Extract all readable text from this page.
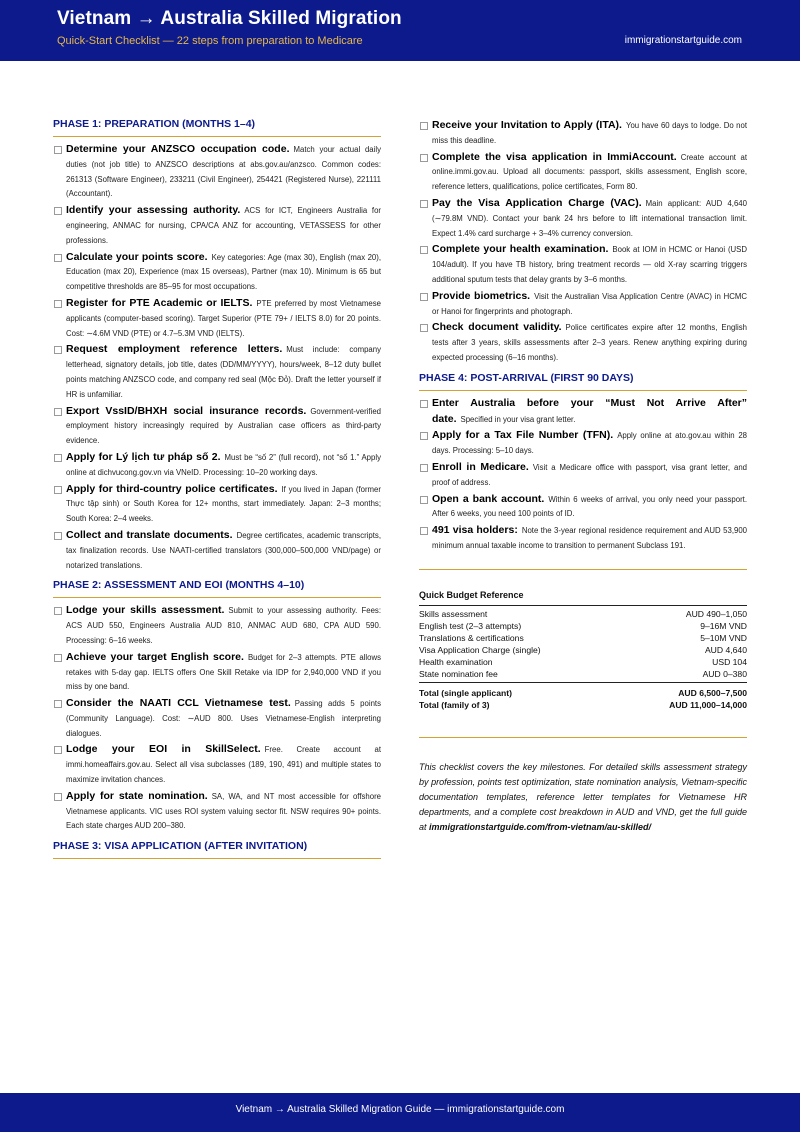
Vietnam → Australia Skilled Migration
Quick-Start Checklist — 22 steps from preparation to Medicare	immigrationstartguide.com
PHASE 1: PREPARATION (MONTHS 1–4)
Determine your ANZSCO occupation code. Match your actual daily duties (not job title) to ANZSCO descriptions at abs.gov.au/anzsco. Common codes: 261313 (Software Engineer), 233211 (Civil Engineer), 254421 (Registered Nurse), 221111 (Accountant).
Identify your assessing authority. ACS for ICT, Engineers Australia for engineering, ANMAC for nursing, CPA/CA ANZ for accounting, VETASSESS for other professions.
Calculate your points score. Key categories: Age (max 30), English (max 20), Education (max 20), Experience (max 15 overseas), Partner (max 10). Minimum is 65 but competitive thresholds are 85–95 for most occupations.
Register for PTE Academic or IELTS. PTE preferred by most Vietnamese applicants (computer-based scoring). Target Superior (PTE 79+ / IELTS 8.0) for 20 points. Cost: ∼4.6M VND (PTE) or 4.7–5.3M VND (IELTS).
Request employment reference letters. Must include: company letterhead, signatory details, job title, dates (DD/MM/YYYY), hours/week, 8–12 duty bullet points matching ANZSCO code, and company red seal (Mộc Đỏ). Draft the letter yourself if HR is unfamiliar.
Export VssID/BHXH social insurance records. Government-verified employment history increasingly required by Australian case officers as third-party evidence.
Apply for Lý lịch tư pháp số 2. Must be “số 2” (full record), not “số 1.” Apply online at dichvucong.gov.vn via VNeID. Processing: 10–20 working days.
Apply for third-country police certificates. If you lived in Japan (former Thực tập sinh) or South Korea for 12+ months, start immediately. Japan: 2–3 months; South Korea: 2–4 weeks.
Collect and translate documents. Degree certificates, academic transcripts, tax finalization records. Use NAATI-certified translators (300,000–500,000 VND/page) or notarized translations.
PHASE 2: ASSESSMENT AND EOI (MONTHS 4–10)
Lodge your skills assessment. Submit to your assessing authority. Fees: ACS AUD 550, Engineers Australia AUD 810, ANMAC AUD 680, CPA AUD 590. Processing: 6–16 weeks.
Achieve your target English score. Budget for 2–3 attempts. PTE allows retakes with 5-day gap. IELTS offers One Skill Retake via IDP for 2,940,000 VND if you miss by one band.
Consider the NAATI CCL Vietnamese test. Passing adds 5 points (Community Language). Cost: ∼AUD 800. Uses Vietnamese-English interpreting dialogues.
Lodge your EOI in SkillSelect. Free. Create account at immi.homeaffairs.gov.au. Select all visa subclasses (189, 190, 491) and multiple states to maximize invitation chances.
Apply for state nomination. SA, WA, and NT most accessible for offshore Vietnamese applicants. VIC uses ROI system valuing sector fit. NSW requires 90+ points. Each state charges AUD 200–380.
PHASE 3: VISA APPLICATION (AFTER INVITATION)
Receive your Invitation to Apply (ITA). You have 60 days to lodge. Do not miss this deadline.
Complete the visa application in ImmiAccount. Create account at online.immi.gov.au. Upload all documents: passport, skills assessment, English score, reference letters, qualifications, police certificates, Form 80.
Pay the Visa Application Charge (VAC). Main applicant: AUD 4,640 (∼79.8M VND). Contact your bank 24 hrs before to lift international transaction limit. Expect 1.4% card surcharge + 3–4% currency conversion.
Complete your health examination. Book at IOM in HCMC or Hanoi (USD 104/adult). If you have TB history, bring treatment records — old X-ray scarring triggers additional sputum tests that delay grants by 3–6 months.
Provide biometrics. Visit the Australian Visa Application Centre (AVAC) in HCMC or Hanoi for fingerprints and photograph.
Check document validity. Police certificates expire after 12 months, English tests after 3 years, skills assessments after 2–3 years. Renew anything expiring during expected processing (6–16 months).
PHASE 4: POST-ARRIVAL (FIRST 90 DAYS)
Enter Australia before your “Must Not Arrive After” date. Specified in your visa grant letter.
Apply for a Tax File Number (TFN). Apply online at ato.gov.au within 28 days. Processing: 5–10 days.
Enroll in Medicare. Visit a Medicare office with passport, visa grant letter, and proof of address.
Open a bank account. Within 6 weeks of arrival, you only need your passport. After 6 weeks, you need 100 points of ID.
491 visa holders: Note the 3-year regional residence requirement and AUD 53,900 minimum annual taxable income to transition to permanent Subclass 191.
Quick Budget Reference
Skills assessment	AUD 490–1,050
English test (2–3 attempts)	9–16M VND
Translations & certifications	5–10M VND
Visa Application Charge (single)	AUD 4,640
Health examination	USD 104
State nomination fee	AUD 0–380
Total (single applicant)	AUD 6,500–7,500
Total (family of 3)	AUD 11,000–14,000
This checklist covers the key milestones. For detailed skills assessment strategy by profession, points test optimization, state nomination analysis, Vietnam-specific documentation templates, reference letter templates for Vietnamese HR departments, and a complete cost breakdown in AUD and VND, get the full guide at immigrationstartguide.com/from-vietnam/au-skilled/
Vietnam → Australia Skilled Migration Guide — immigrationstartguide.com
